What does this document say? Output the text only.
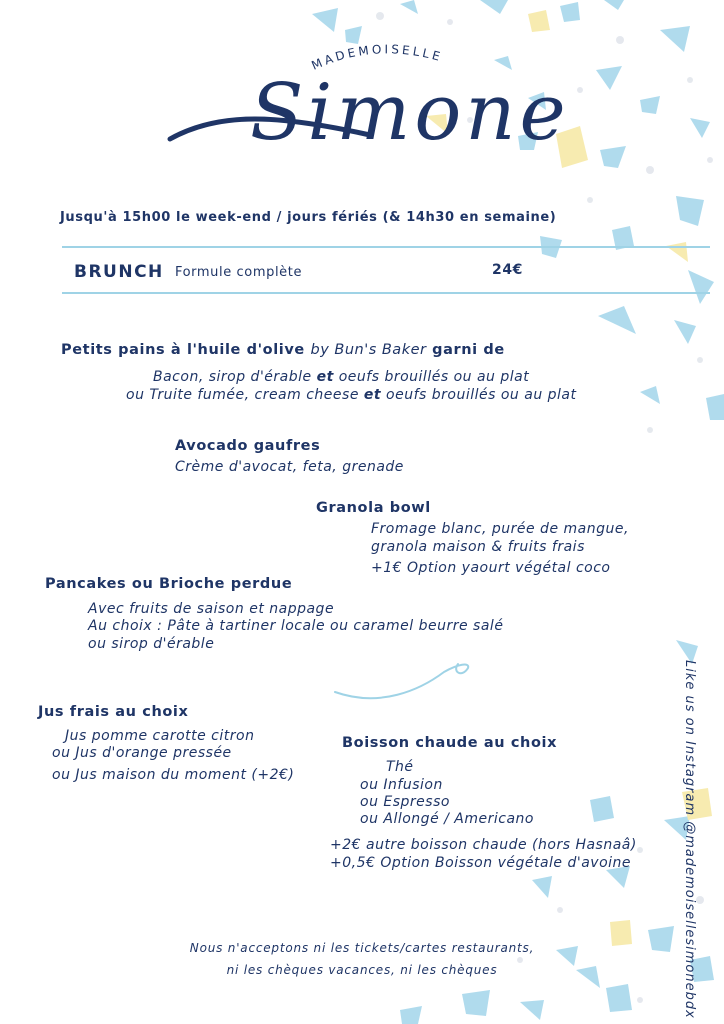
MADEMOISELLE
Simone
Jusqu'à 15h00 le week-end / jours fériés (& 14h30 en semaine)
BRUNCH Formule complète	24€
Petits pains à l'huile d'olive by Bun's Baker garni de
Bacon, sirop d'érable et oeufs brouillés ou au plat
ou Truite fumée, cream cheese et oeufs brouillés ou au plat
Avocado gaufres
Crème d'avocat, feta, grenade
Granola bowl
Fromage blanc, purée de mangue,
granola maison & fruits frais
+1€ Option yaourt végétal coco
Pancakes ou Brioche perdue
Avec fruits de saison et nappage
Au choix : Pâte à tartiner locale ou caramel beurre salé
ou sirop d'érable
Jus frais au choix
Jus pomme carotte citron
ou Jus d'orange pressée
ou Jus maison du moment (+2€)
Boisson chaude au choix
Thé
ou Infusion
ou Espresso
ou Allongé / Americano
+2€ autre boisson chaude (hors Hasnaâ)
+0,5€ Option Boisson végétale d'avoine	Like us on Instagram @mademoisellesimonebdx
Nous n'acceptons ni les tickets/cartes restaurants,
ni les chèques vacances, ni les chèques
